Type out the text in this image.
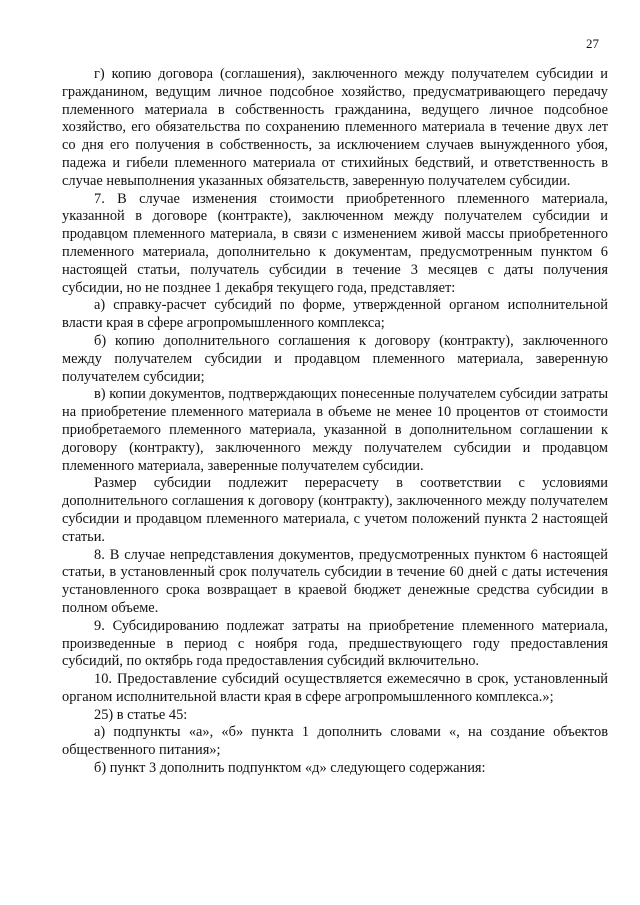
27

г) копию договора (соглашения), заключенного между получателем субсидии и гражданином, ведущим личное подсобное хозяйство, предусматривающего передачу племенного материала в собственность гражданина, ведущего личное подсобное хозяйство, его обязательства по сохранению племенного материала в течение двух лет со дня его получения в собственность, за исключением случаев вынужденного убоя, падежа и гибели племенного материала от стихийных бедствий, и ответственность в случае невыполнения указанных обязательств, заверенную получателем субсидии.

7. В случае изменения стоимости приобретенного племенного материала, указанной в договоре (контракте), заключенном между получателем субсидии и продавцом племенного материала, в связи с изменением живой массы приобретенного племенного материала, дополнительно к документам, предусмотренным пунктом 6 настоящей статьи, получатель субсидии в течение 3 месяцев с даты получения субсидии, но не позднее 1 декабря текущего года, представляет:

а) справку-расчет субсидий по форме, утвержденной органом исполнительной власти края в сфере агропромышленного комплекса;

б) копию дополнительного соглашения к договору (контракту), заключенного между получателем субсидии и продавцом племенного материала, заверенную получателем субсидии;

в) копии документов, подтверждающих понесенные получателем субсидии затраты на приобретение племенного материала в объеме не менее 10 процентов от стоимости приобретаемого племенного материала, указанной в дополнительном соглашении к договору (контракту), заключенного между получателем субсидии и продавцом племенного материала, заверенные получателем субсидии.

Размер субсидии подлежит перерасчету в соответствии с условиями дополнительного соглашения к договору (контракту), заключенного между получателем субсидии и продавцом племенного материала, с учетом положений пункта 2 настоящей статьи.

8. В случае непредставления документов, предусмотренных пунктом 6 настоящей статьи, в установленный срок получатель субсидии в течение 60 дней с даты истечения установленного срока возвращает в краевой бюджет денежные средства субсидии в полном объеме.

9. Субсидированию подлежат затраты на приобретение племенного материала, произведенные в период с ноября года, предшествующего году предоставления субсидий, по октябрь года предоставления субсидий включительно.

10. Предоставление субсидий осуществляется ежемесячно в срок, установленный органом исполнительной власти края в сфере агропромышленного комплекса.»;

25) в статье 45:

а) подпункты «а», «б» пункта 1 дополнить словами «, на создание объектов общественного питания»;

б) пункт 3 дополнить подпунктом «д» следующего содержания:
